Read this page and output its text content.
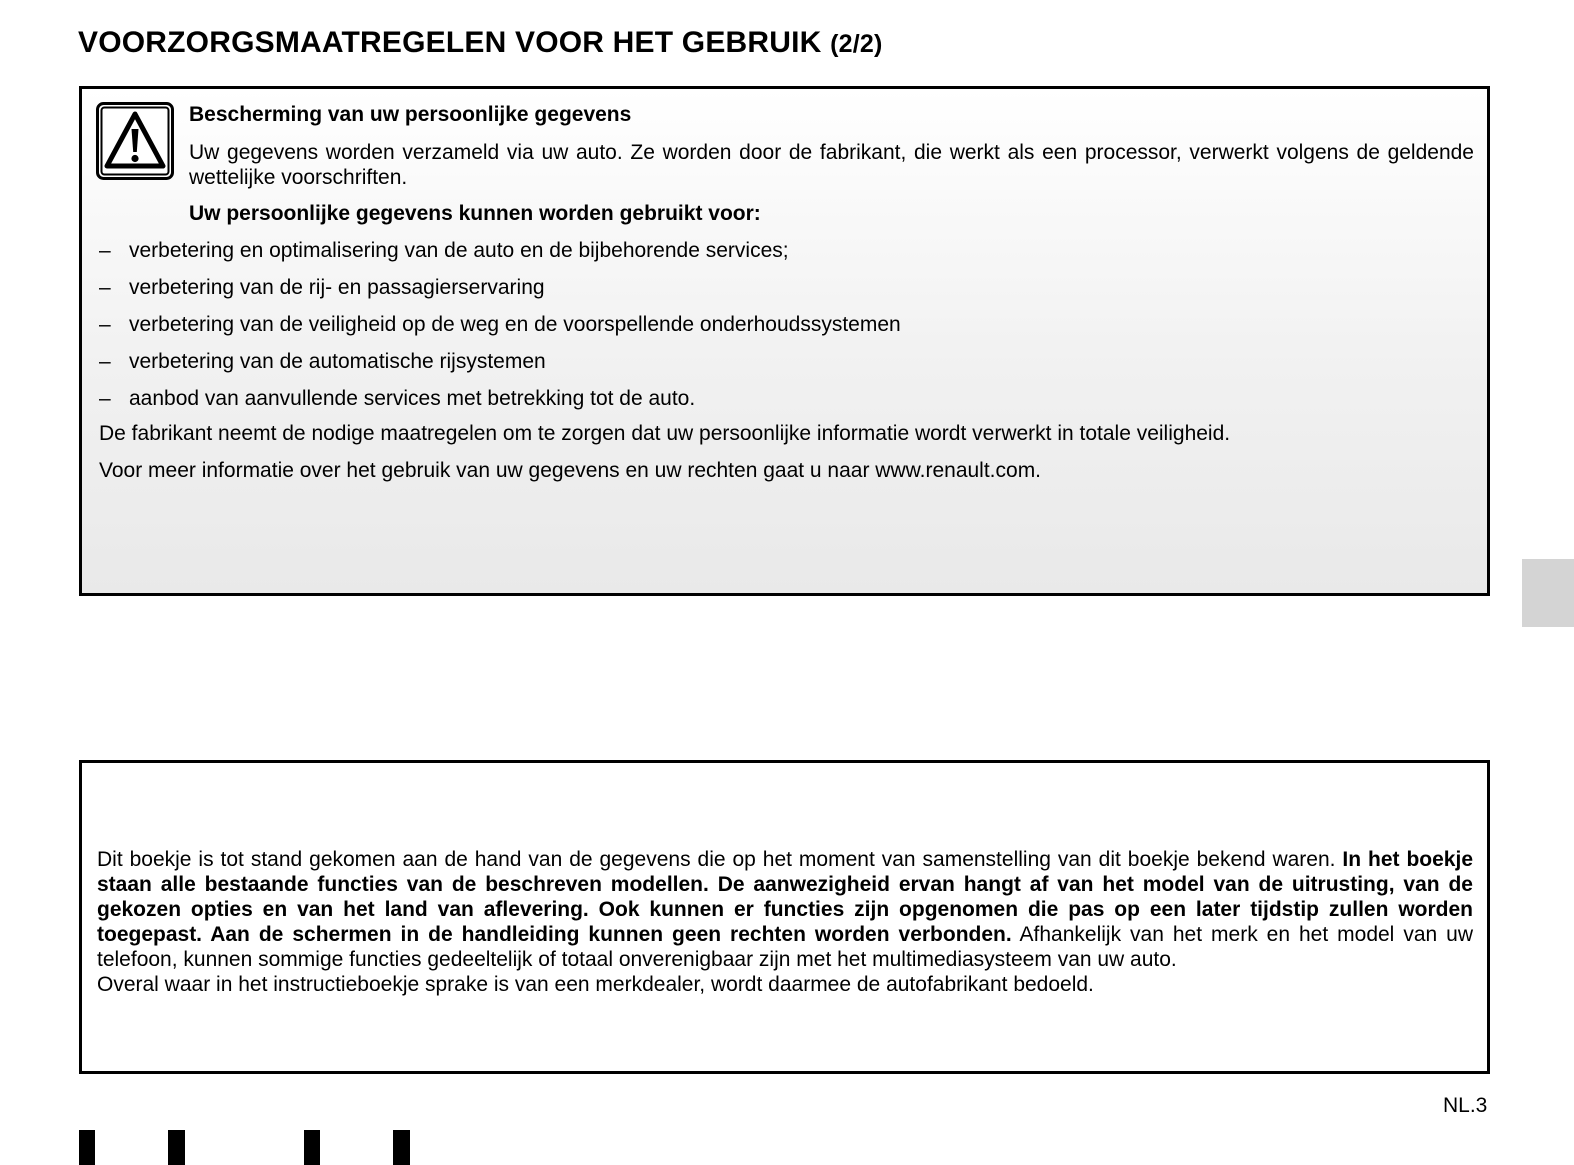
VOORZORGSMAATREGELEN VOOR HET GEBRUIK (2/2)
Bescherming van uw persoonlijke gegevens
Uw gegevens worden verzameld via uw auto. Ze worden door de fabrikant, die werkt als een processor, verwerkt volgens de geldende wettelijke voorschriften.
Uw persoonlijke gegevens kunnen worden gebruikt voor:
– verbetering en optimalisering van de auto en de bijbehorende services;
– verbetering van de rij- en passagierservaring
– verbetering van de veiligheid op de weg en de voorspellende onderhoudssystemen
– verbetering van de automatische rijsystemen
– aanbod van aanvullende services met betrekking tot de auto.
De fabrikant neemt de nodige maatregelen om te zorgen dat uw persoonlijke informatie wordt verwerkt in totale veiligheid.
Voor meer informatie over het gebruik van uw gegevens en uw rechten gaat u naar www.renault.com.

Dit boekje is tot stand gekomen aan de hand van de gegevens die op het moment van samenstelling van dit boekje bekend waren. In het boekje staan alle bestaande functies van de beschreven modellen. De aanwezigheid ervan hangt af van het model van de uitrusting, van de gekozen opties en van het land van aflevering. Ook kunnen er functies zijn opgenomen die pas op een later tijdstip zullen worden toegepast. Aan de schermen in de handleiding kunnen geen rechten worden verbonden. Afhankelijk van het merk en het model van uw telefoon, kunnen sommige functies gedeeltelijk of totaal onverenigbaar zijn met het multimediasysteem van uw auto.

Overal waar in het instructieboekje sprake is van een merkdealer, wordt daarmee de autofabrikant bedoeld.

NL.3
